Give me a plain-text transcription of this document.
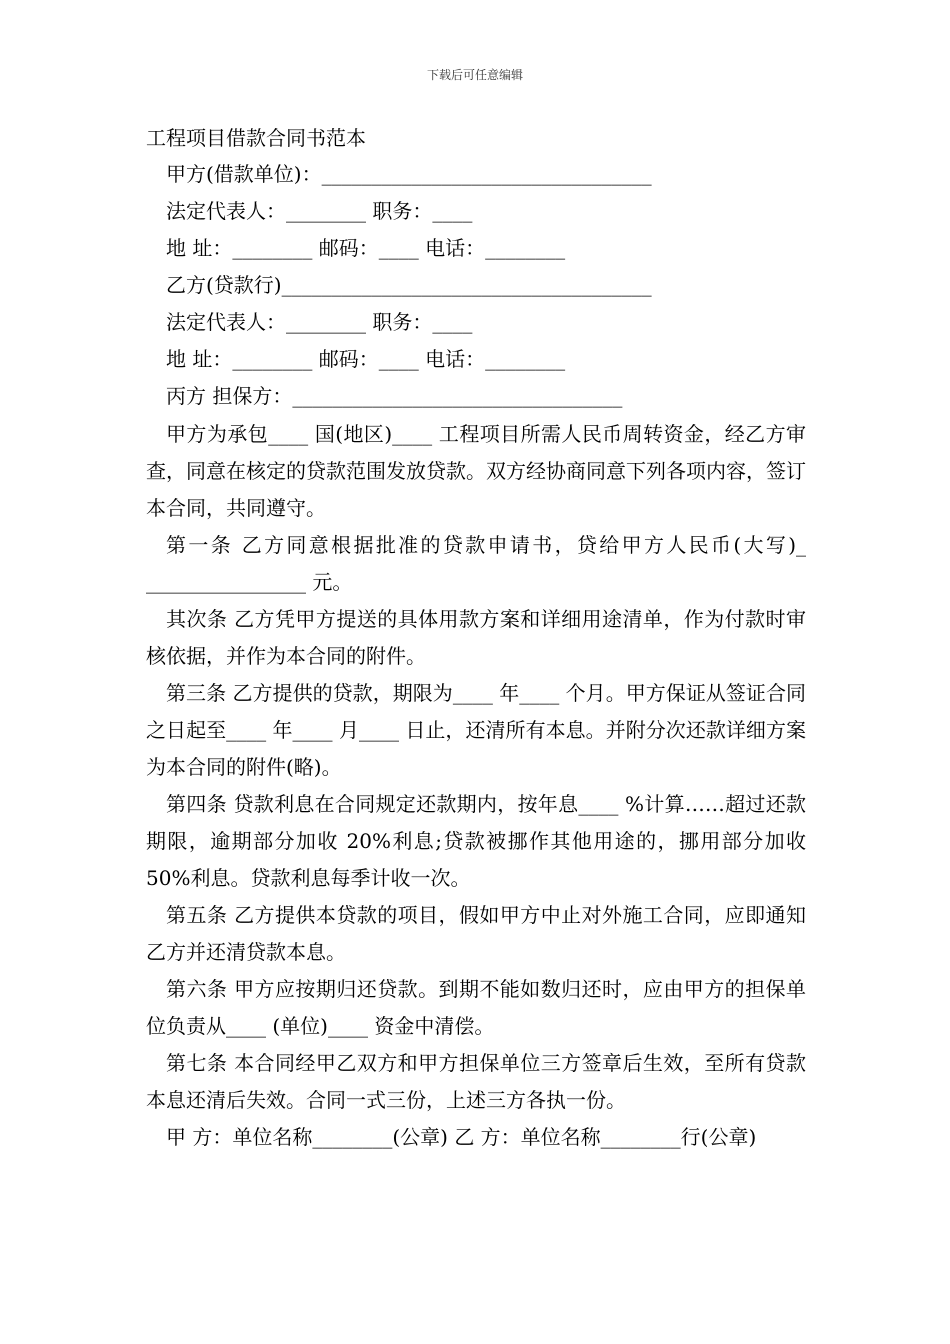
下载后可任意编辑
工程项目借款合同书范本
甲方(借款单位)：_________________________________
法定代表人：________ 职务：____
地 址：________ 邮码：____ 电话：________
乙方(贷款行)_____________________________________
法定代表人：________ 职务：____
地 址：________ 邮码：____ 电话：________
丙方 担保方：_________________________________
甲方为承包____ 国(地区)____ 工程项目所需人民币周转资金，经乙方审查，同意在核定的贷款范围发放贷款。双方经协商同意下列各项内容，签订本合同，共同遵守。
第一条 乙方同意根据批准的贷款申请书，贷给甲方人民币(大写)_ ________________ 元。
其次条 乙方凭甲方提送的具体用款方案和详细用途清单，作为付款时审核依据，并作为本合同的附件。
第三条 乙方提供的贷款，期限为____ 年____ 个月。甲方保证从签证合同之日起至____ 年____ 月____ 日止，还清所有本息。并附分次还款详细方案为本合同的附件(略)。
第四条 贷款利息在合同规定还款期内，按年息____ %计算……超过还款期限，逾期部分加收 20%利息;贷款被挪作其他用途的，挪用部分加收 50%利息。贷款利息每季计收一次。
第五条 乙方提供本贷款的项目，假如甲方中止对外施工合同，应即通知乙方并还清贷款本息。
第六条 甲方应按期归还贷款。到期不能如数归还时，应由甲方的担保单位负责从____ (单位)____ 资金中清偿。
第七条 本合同经甲乙双方和甲方担保单位三方签章后生效，至所有贷款本息还清后失效。合同一式三份，上述三方各执一份。
甲 方：单位名称________(公章) 乙 方：单位名称________行(公章)
